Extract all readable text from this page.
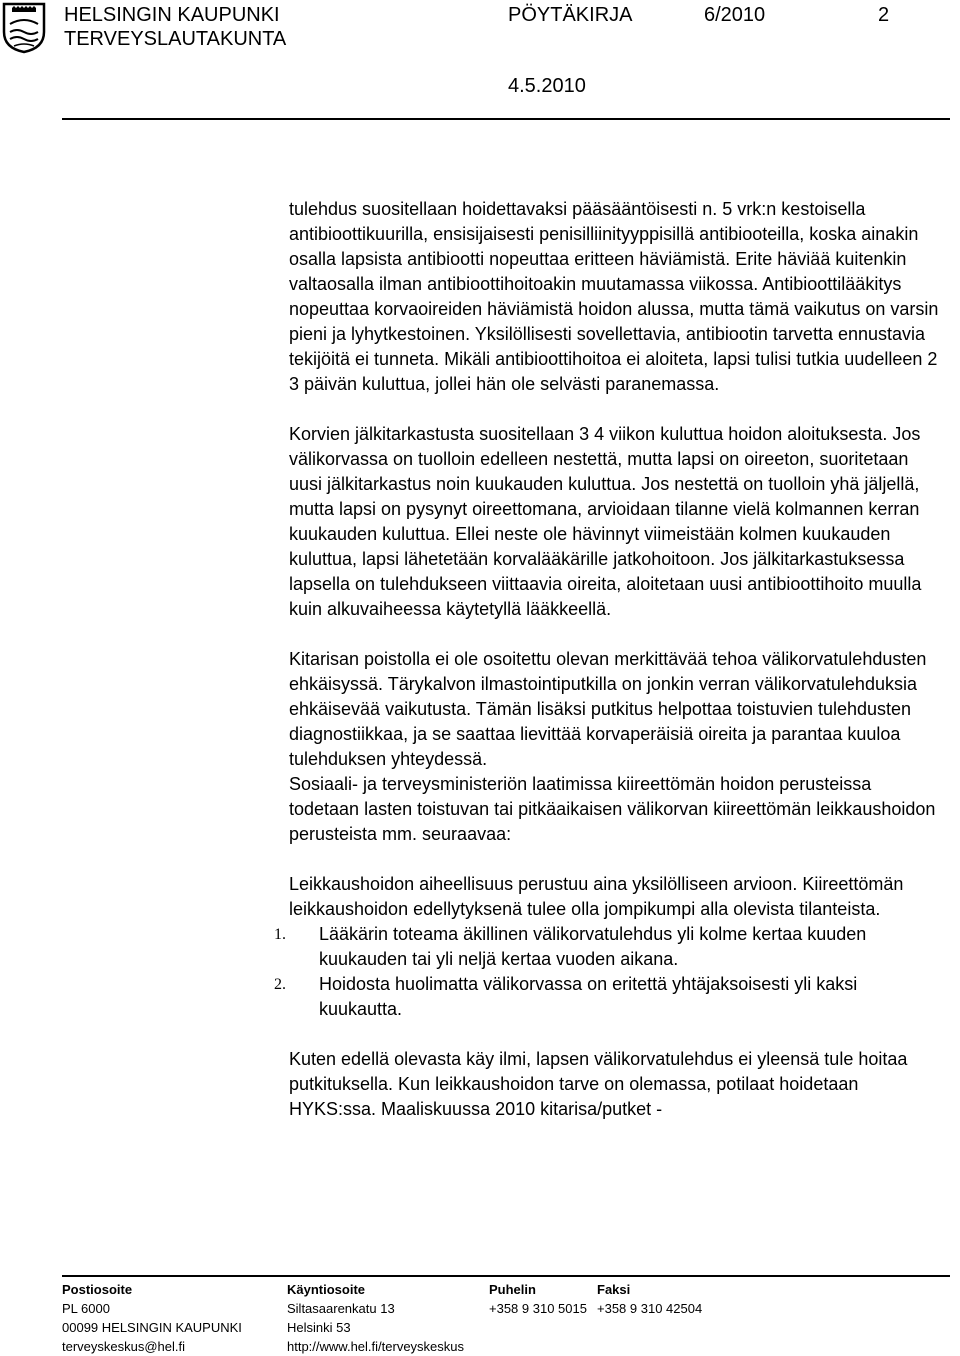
HELSINGIN KAUPUNKI
TERVEYSLAUTAKUNTA
PÖYTÄKIRJA	6/2010	2
4.5.2010

tulehdus suositellaan hoidettavaksi pääsääntöisesti n. 5 vrk:n kestoisella antibioottikuurilla, ensisijaisesti penisilliinityyppisillä antibiooteilla, koska ainakin osalla lapsista antibiootti nopeuttaa eritteen häviämistä. Erite häviää kuitenkin valtaosalla ilman antibioottihoitoakin muutamassa viikossa. Antibioottilääkitys nopeuttaa korvaoireiden häviämistä hoidon alussa, mutta tämä vaikutus on varsin pieni ja lyhytkestoinen. Yksilöllisesti sovellettavia, antibiootin tarvetta ennustavia tekijöitä ei tunneta. Mikäli antibioottihoitoa ei aloiteta, lapsi tulisi tutkia uudelleen 2 3 päivän kuluttua, jollei hän ole selvästi paranemassa.

Korvien jälkitarkastusta suositellaan 3 4 viikon kuluttua hoidon aloituksesta. Jos välikorvassa on tuolloin edelleen nestettä, mutta lapsi on oireeton, suoritetaan uusi jälkitarkastus noin kuukauden kuluttua. Jos nestettä on tuolloin yhä jäljellä, mutta lapsi on pysynyt oireettomana, arvioidaan tilanne vielä kolmannen kerran kuukauden kuluttua. Ellei neste ole hävinnyt viimeistään kolmen kuukauden kuluttua, lapsi lähetetään korvalääkärille jatkohoitoon. Jos jälkitarkastuksessa lapsella on tulehdukseen viittaavia oireita, aloitetaan uusi antibioottihoito muulla kuin alkuvaiheessa käytetyllä lääkkeellä.

Kitarisan poistolla ei ole osoitettu olevan merkittävää tehoa välikorvatulehdusten ehkäisyssä. Tärykalvon ilmastointiputkilla on jonkin verran välikorvatulehduksia ehkäisevää vaikutusta. Tämän lisäksi putkitus helpottaa toistuvien tulehdusten diagnostiikkaa, ja se saattaa lievittää korvaperäisiä oireita ja parantaa kuuloa tulehduksen yhteydessä.

Sosiaali- ja terveysministeriön laatimissa kiireettömän hoidon perusteissa todetaan lasten toistuvan tai pitkäaikaisen välikorvan kiireettömän leikkaushoidon perusteista mm. seuraavaa:

Leikkaushoidon aiheellisuus perustuu aina yksilölliseen arvioon. Kiireettömän leikkaushoidon edellytyksenä tulee olla jompikumpi alla olevista tilanteista.

1. Lääkärin toteama äkillinen välikorvatulehdus yli kolme kertaa kuuden kuukauden tai yli neljä kertaa vuoden aikana.
2. Hoidosta huolimatta välikorvassa on eritettä yhtäjaksoisesti yli kaksi kuukautta.

Kuten edellä olevasta käy ilmi, lapsen välikorvatulehdus ei yleensä tule hoitaa putkituksella. Kun leikkaushoidon tarve on olemassa, potilaat hoidetaan HYKS:ssa. Maaliskuussa 2010 kitarisa/putket -

Postiosoite
PL 6000
00099 HELSINGIN KAUPUNKI
terveyskeskus@hel.fi
Käyntiosoite
Siltasaarenkatu 13
Helsinki 53
http://www.hel.fi/terveyskeskus
Puhelin
+358 9 310 5015
Faksi
+358 9 310 42504
